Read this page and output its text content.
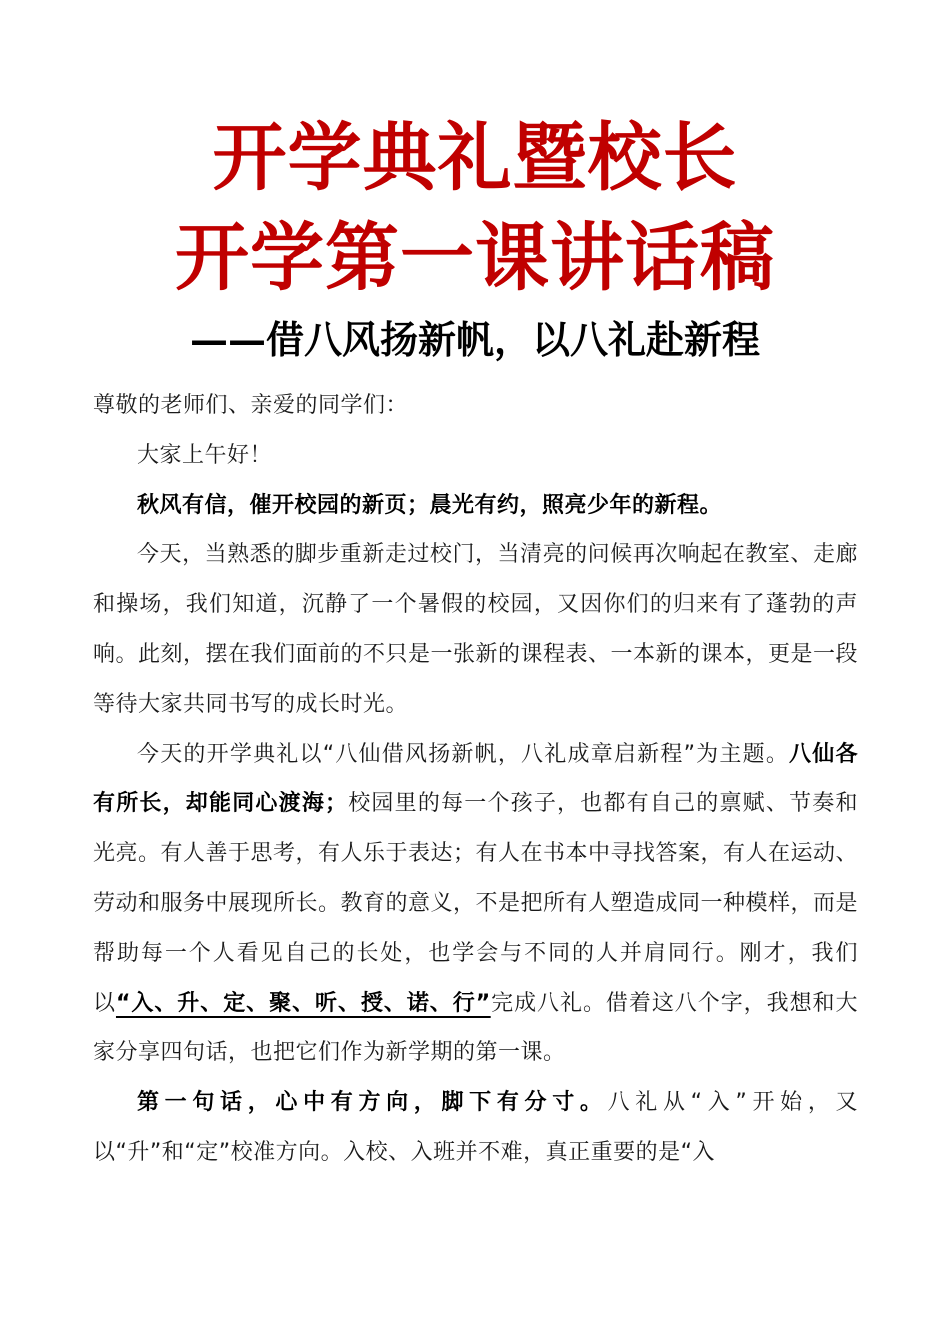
开学典礼暨校长
开学第一课讲话稿
——借八风扬新帆，以八礼赴新程

尊敬的老师们、亲爱的同学们：

大家上午好！

秋风有信，催开校园的新页；晨光有约，照亮少年的新程。

今天，当熟悉的脚步重新走过校门，当清亮的问候再次响起在教室、走廊和操场，我们知道，沉静了一个暑假的校园，又因你们的归来有了蓬勃的声响。此刻，摆在我们面前的不只是一张新的课程表、一本新的课本，更是一段等待大家共同书写的成长时光。

今天的开学典礼以“八仙借风扬新帆，八礼成章启新程”为主题。八仙各有所长，却能同心渡海；校园里的每一个孩子，也都有自己的禀赋、节奏和光亮。有人善于思考，有人乐于表达；有人在书本中寻找答案，有人在运动、劳动和服务中展现所长。教育的意义，不是把所有人塑造成同一种模样，而是帮助每一个人看见自己的长处，也学会与不同的人并肩同行。刚才，我们以“入、升、定、聚、听、授、诺、行”完成八礼。借着这八个字，我想和大家分享四句话，也把它们作为新学期的第一课。

第一句话，心中有方向，脚下有分寸。八礼从“入”开始，又以“升”和“定”校准方向。入校、入班并不难，真正重要的是“入
